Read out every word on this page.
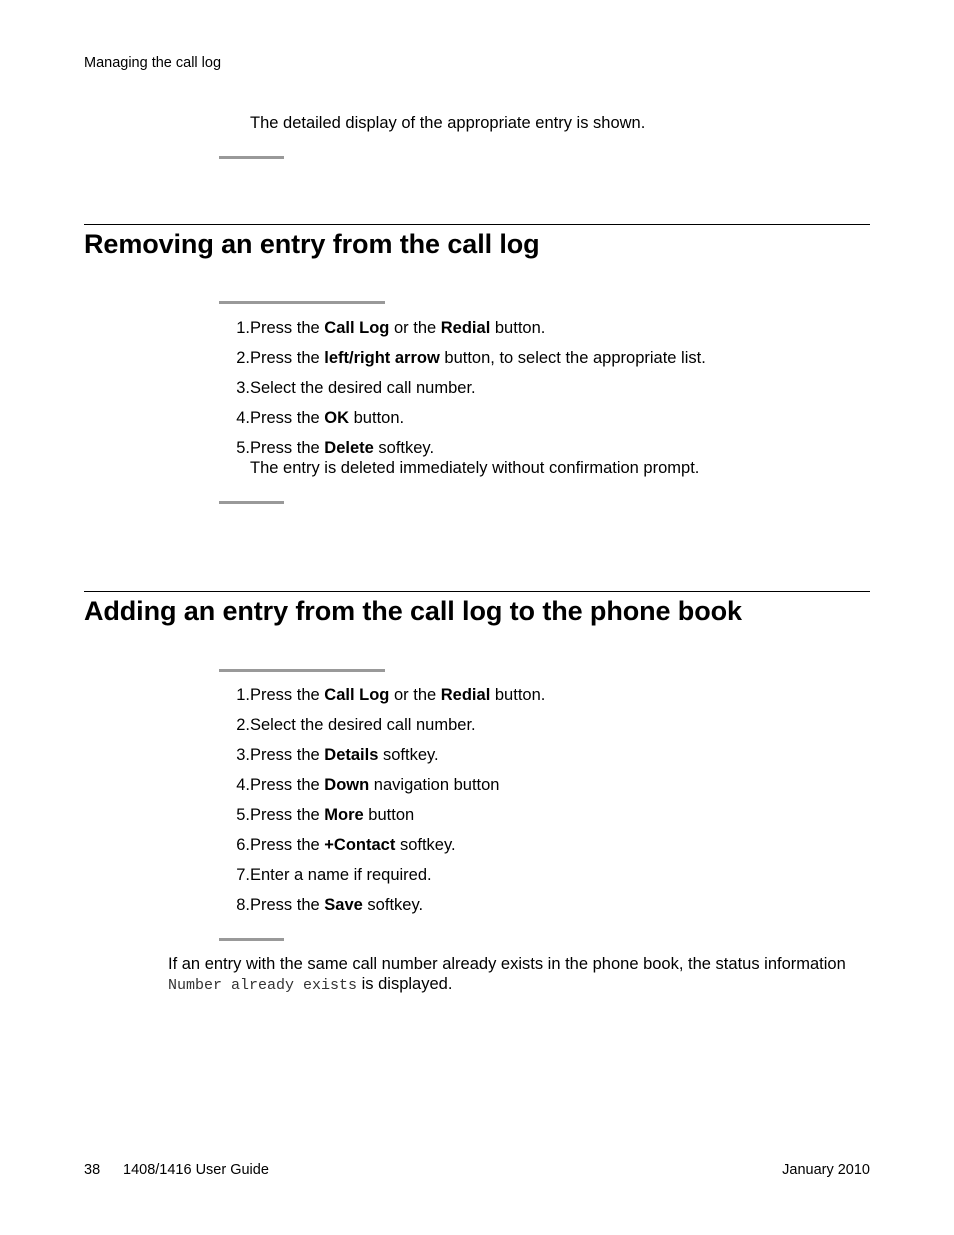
Managing the call log
The detailed display of the appropriate entry is shown.
Removing an entry from the call log
1. Press the Call Log or the Redial button.
2. Press the left/right arrow button, to select the appropriate list.
3. Select the desired call number.
4. Press the OK button.
5. Press the Delete softkey.
The entry is deleted immediately without confirmation prompt.
Adding an entry from the call log to the phone book
1. Press the Call Log or the Redial button.
2. Select the desired call number.
3. Press the Details softkey.
4. Press the Down navigation button
5. Press the More button
6. Press the +Contact softkey.
7. Enter a name if required.
8. Press the Save softkey.
If an entry with the same call number already exists in the phone book, the status information
Number already exists is displayed.
38 1408/1416 User Guide	January 2010
